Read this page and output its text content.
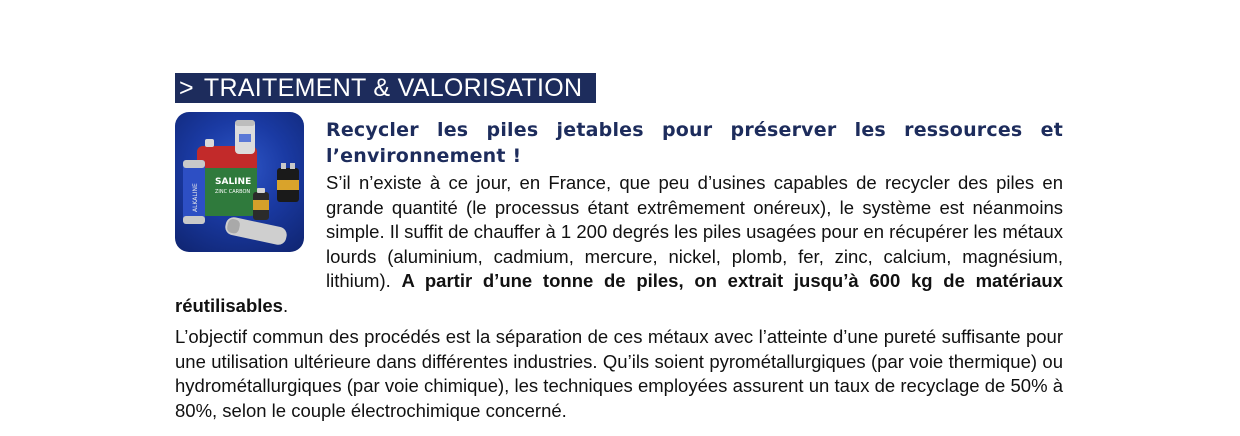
> TRAITEMENT & VALORISATION
SALINE
ZINC CARBON
ALKALINE
Recycler les piles jetables pour préserver les ressources et l’environnement !

S’il n’existe à ce jour, en France, que peu d’usines capables de recycler des piles en grande quantité (le processus étant extrêmement onéreux), le système est néanmoins simple. Il suffit de chauffer à 1 200 degrés les piles usagées pour en récupérer les métaux lourds (aluminium, cadmium, mercure, nickel, plomb, fer, zinc, calcium, magnésium, lithium). A partir d’une tonne de piles, on extrait jusqu’à 600 kg de matériaux réutilisables.

L’objectif commun des procédés est la séparation de ces métaux avec l’atteinte d’une pureté suffisante pour une utilisation ultérieure dans différentes industries. Qu’ils soient pyrométallurgiques (par voie thermique) ou hydrométallurgiques (par voie chimique), les techniques employées assurent un taux de recyclage de 50% à 80%, selon le couple électrochimique concerné.
